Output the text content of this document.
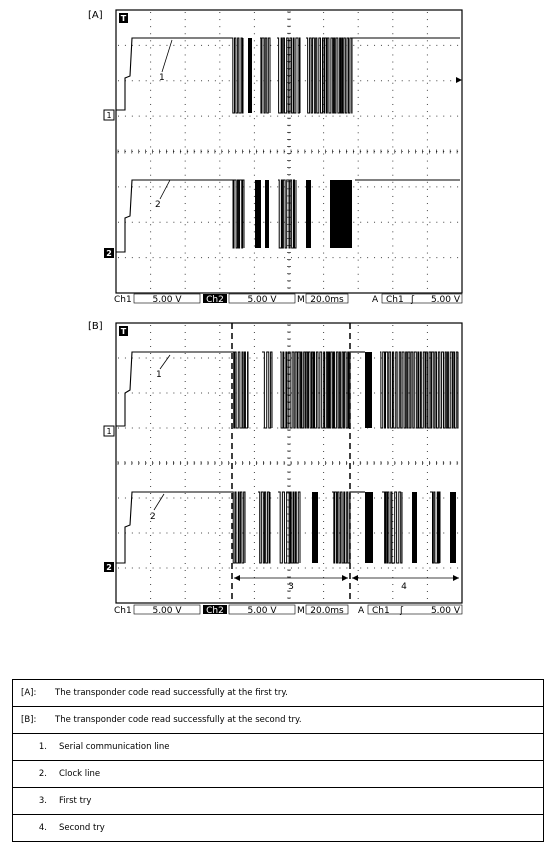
[A]
[B]
T
1
2
1
2
Ch1 5.00 V	Ch2	5.00 V M 20.0ms	A Ch1 ʃ 5.00 V
3	4
T
1
2
1
2
Ch1 5.00 V	Ch2	5.00 V M 20.0ms A Ch1 ʃ	5.00 V
[A]: The transponder code read successfully at the first try.
[B]: The transponder code read successfully at the second try.
1. Serial communication line
2. Clock line
3. First try
4. Second try
